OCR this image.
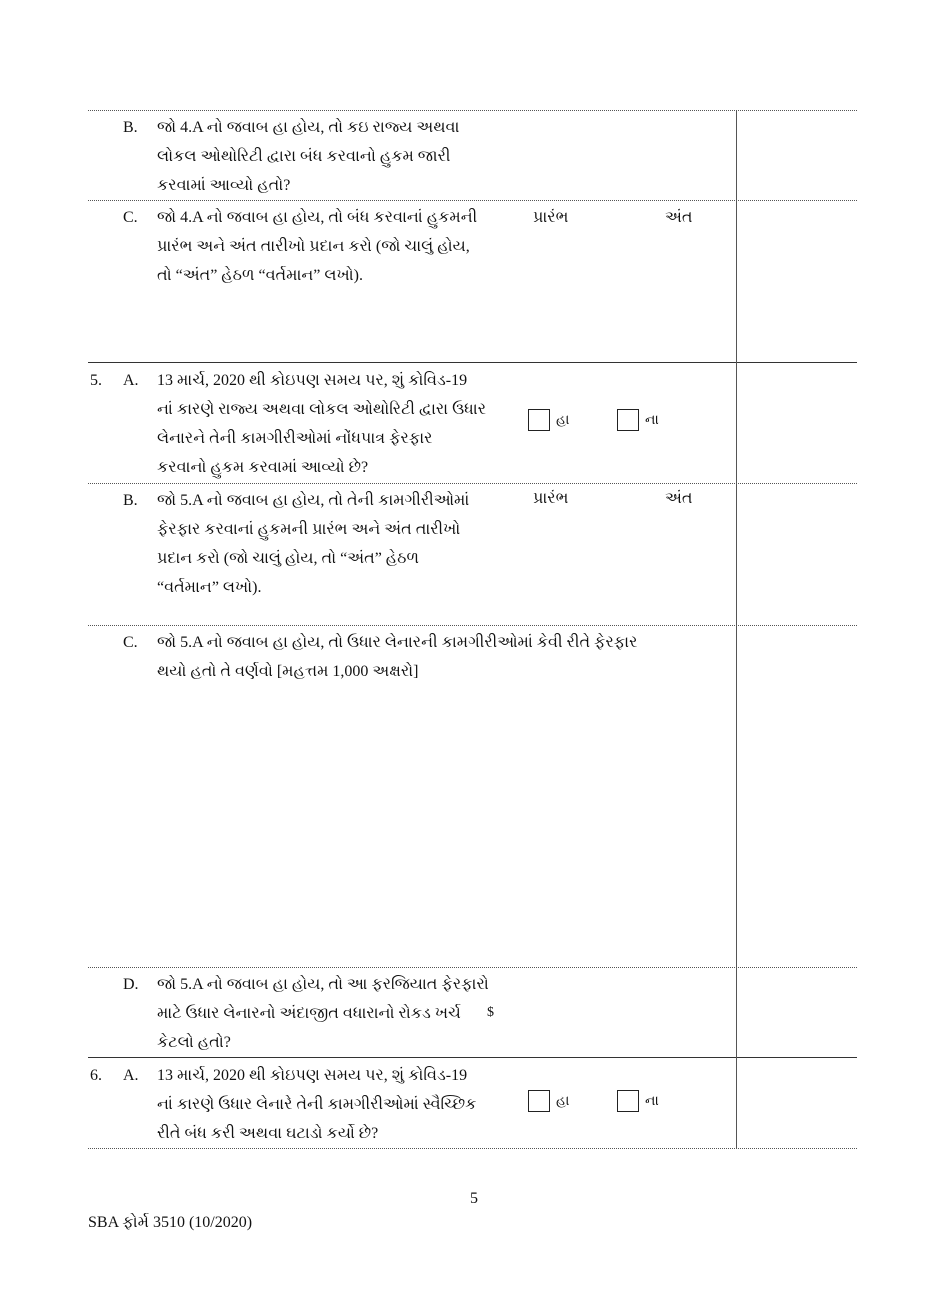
B. જો 4.A નો જવાબ હા હોય, તો કઇ રાજ્ય અથવા
લોકલ ઓથોરિટી દ્વારા બંધ કરવાનો હુકમ જારી
કરવામાં આવ્યો હતો?
C. જો 4.A નો જવાબ હા હોય, તો બંધ કરવાનાં હુકમની
પ્રારંભ અને અંત તારીખો પ્રદાન કરો (જો ચાલું હોય,
તો “અંત” હેઠળ “વર્તમાન” લખો).
પ્રારંભ	અંત
5. A. 13 માર્ચ, 2020 થી કોઇપણ સમય પર, શું કોવિડ-19
નાં કારણે રાજ્ય અથવા લોકલ ઓથોરિટી દ્વારા ઉધાર
લેનારને તેની કામગીરીઓમાં નોંધપાત્ર ફેરફાર
કરવાનો હુકમ કરવામાં આવ્યો છે?
હા	ના
B. જો 5.A નો જવાબ હા હોય, તો તેની કામગીરીઓમાં
ફેરફાર કરવાનાં હુકમની પ્રારંભ અને અંત તારીખો
પ્રદાન કરો (જો ચાલું હોય, તો “અંત” હેઠળ
“વર્તમાન” લખો).
પ્રારંભ	અંત
C. જો 5.A નો જવાબ હા હોય, તો ઉધાર લેનારની કામગીરીઓમાં કેવી રીતે ફેરફાર
થયો હતો તે વર્ણવો [મહત્તમ 1,000 અક્ષરો]
D. જો 5.A નો જવાબ હા હોય, તો આ ફરજિયાત ફેરફારો
માટે ઉધાર લેનારનો અંદાજીત વધારાનો રોકડ ખર્ચ
કેટલો હતો?
$
6. A. 13 માર્ચ, 2020 થી કોઇપણ સમય પર, શું કોવિડ-19
નાં કારણે ઉધાર લેનારે તેની કામગીરીઓમાં સ્વૈચ્છિક
રીતે બંધ કરી અથવા ઘટાડો કર્યો છે?
હા	ના
5
SBA ફોર્મ 3510 (10/2020)
